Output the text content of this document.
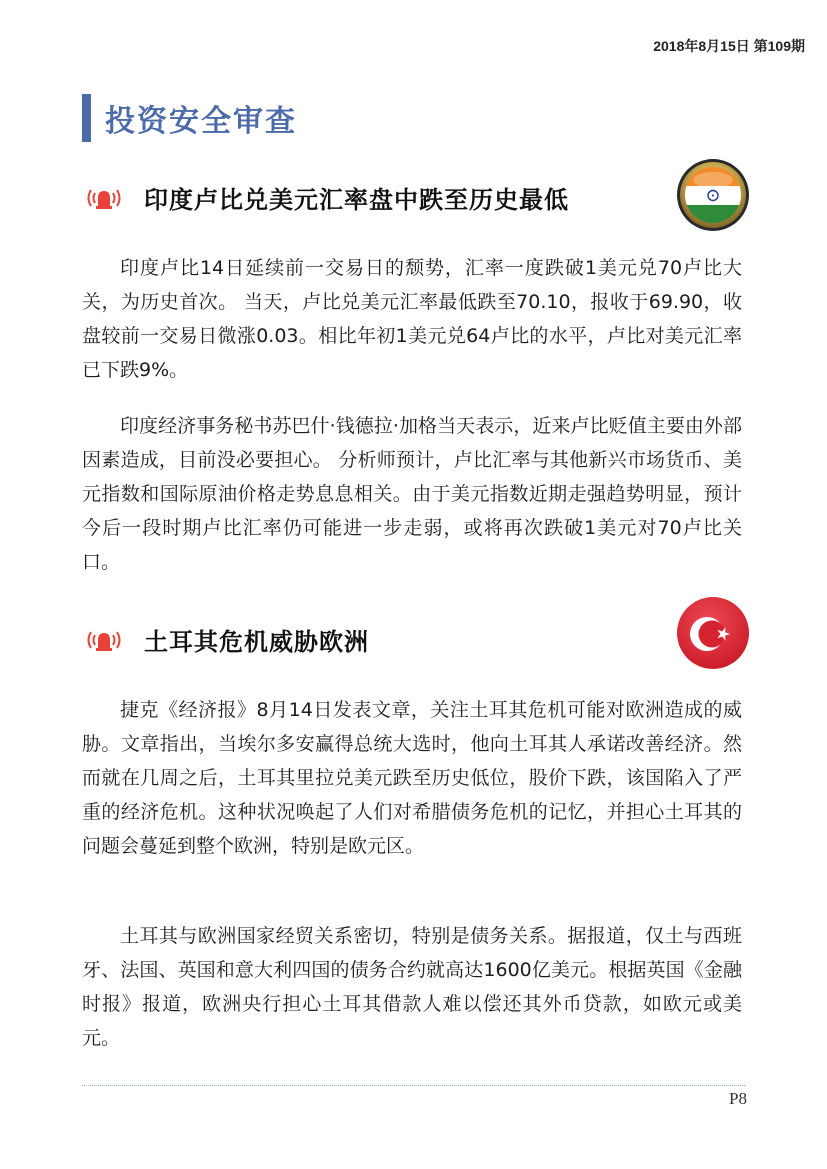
2018年8月15日 第109期
投资安全审查
印度卢比兑美元汇率盘中跌至历史最低

印度卢比14日延续前一交易日的颓势，汇率一度跌破1美元兑70卢比大关，为历史首次。 当天，卢比兑美元汇率最低跌至70.10，报收于69.90，收盘较前一交易日微涨0.03。相比年初1美元兑64卢比的水平，卢比对美元汇率已下跌9%。

印度经济事务秘书苏巴什·钱德拉·加格当天表示，近来卢比贬值主要由外部因素造成，目前没必要担心。 分析师预计，卢比汇率与其他新兴市场货币、美元指数和国际原油价格走势息息相关。由于美元指数近期走强趋势明显，预计今后一段时期卢比汇率仍可能进一步走弱，或将再次跌破1美元对70卢比关口。

土耳其危机威胁欧洲

捷克《经济报》8月14日发表文章，关注土耳其危机可能对欧洲造成的威胁。文章指出，当埃尔多安赢得总统大选时，他向土耳其人承诺改善经济。然而就在几周之后，土耳其里拉兑美元跌至历史低位，股价下跌，该国陷入了严重的经济危机。这种状况唤起了人们对希腊债务危机的记忆，并担心土耳其的问题会蔓延到整个欧洲，特别是欧元区。

土耳其与欧洲国家经贸关系密切，特别是债务关系。据报道，仅土与西班牙、法国、英国和意大利四国的债务合约就高达1600亿美元。根据英国《金融时报》报道，欧洲央行担心土耳其借款人难以偿还其外币贷款，如欧元或美元。

P8
